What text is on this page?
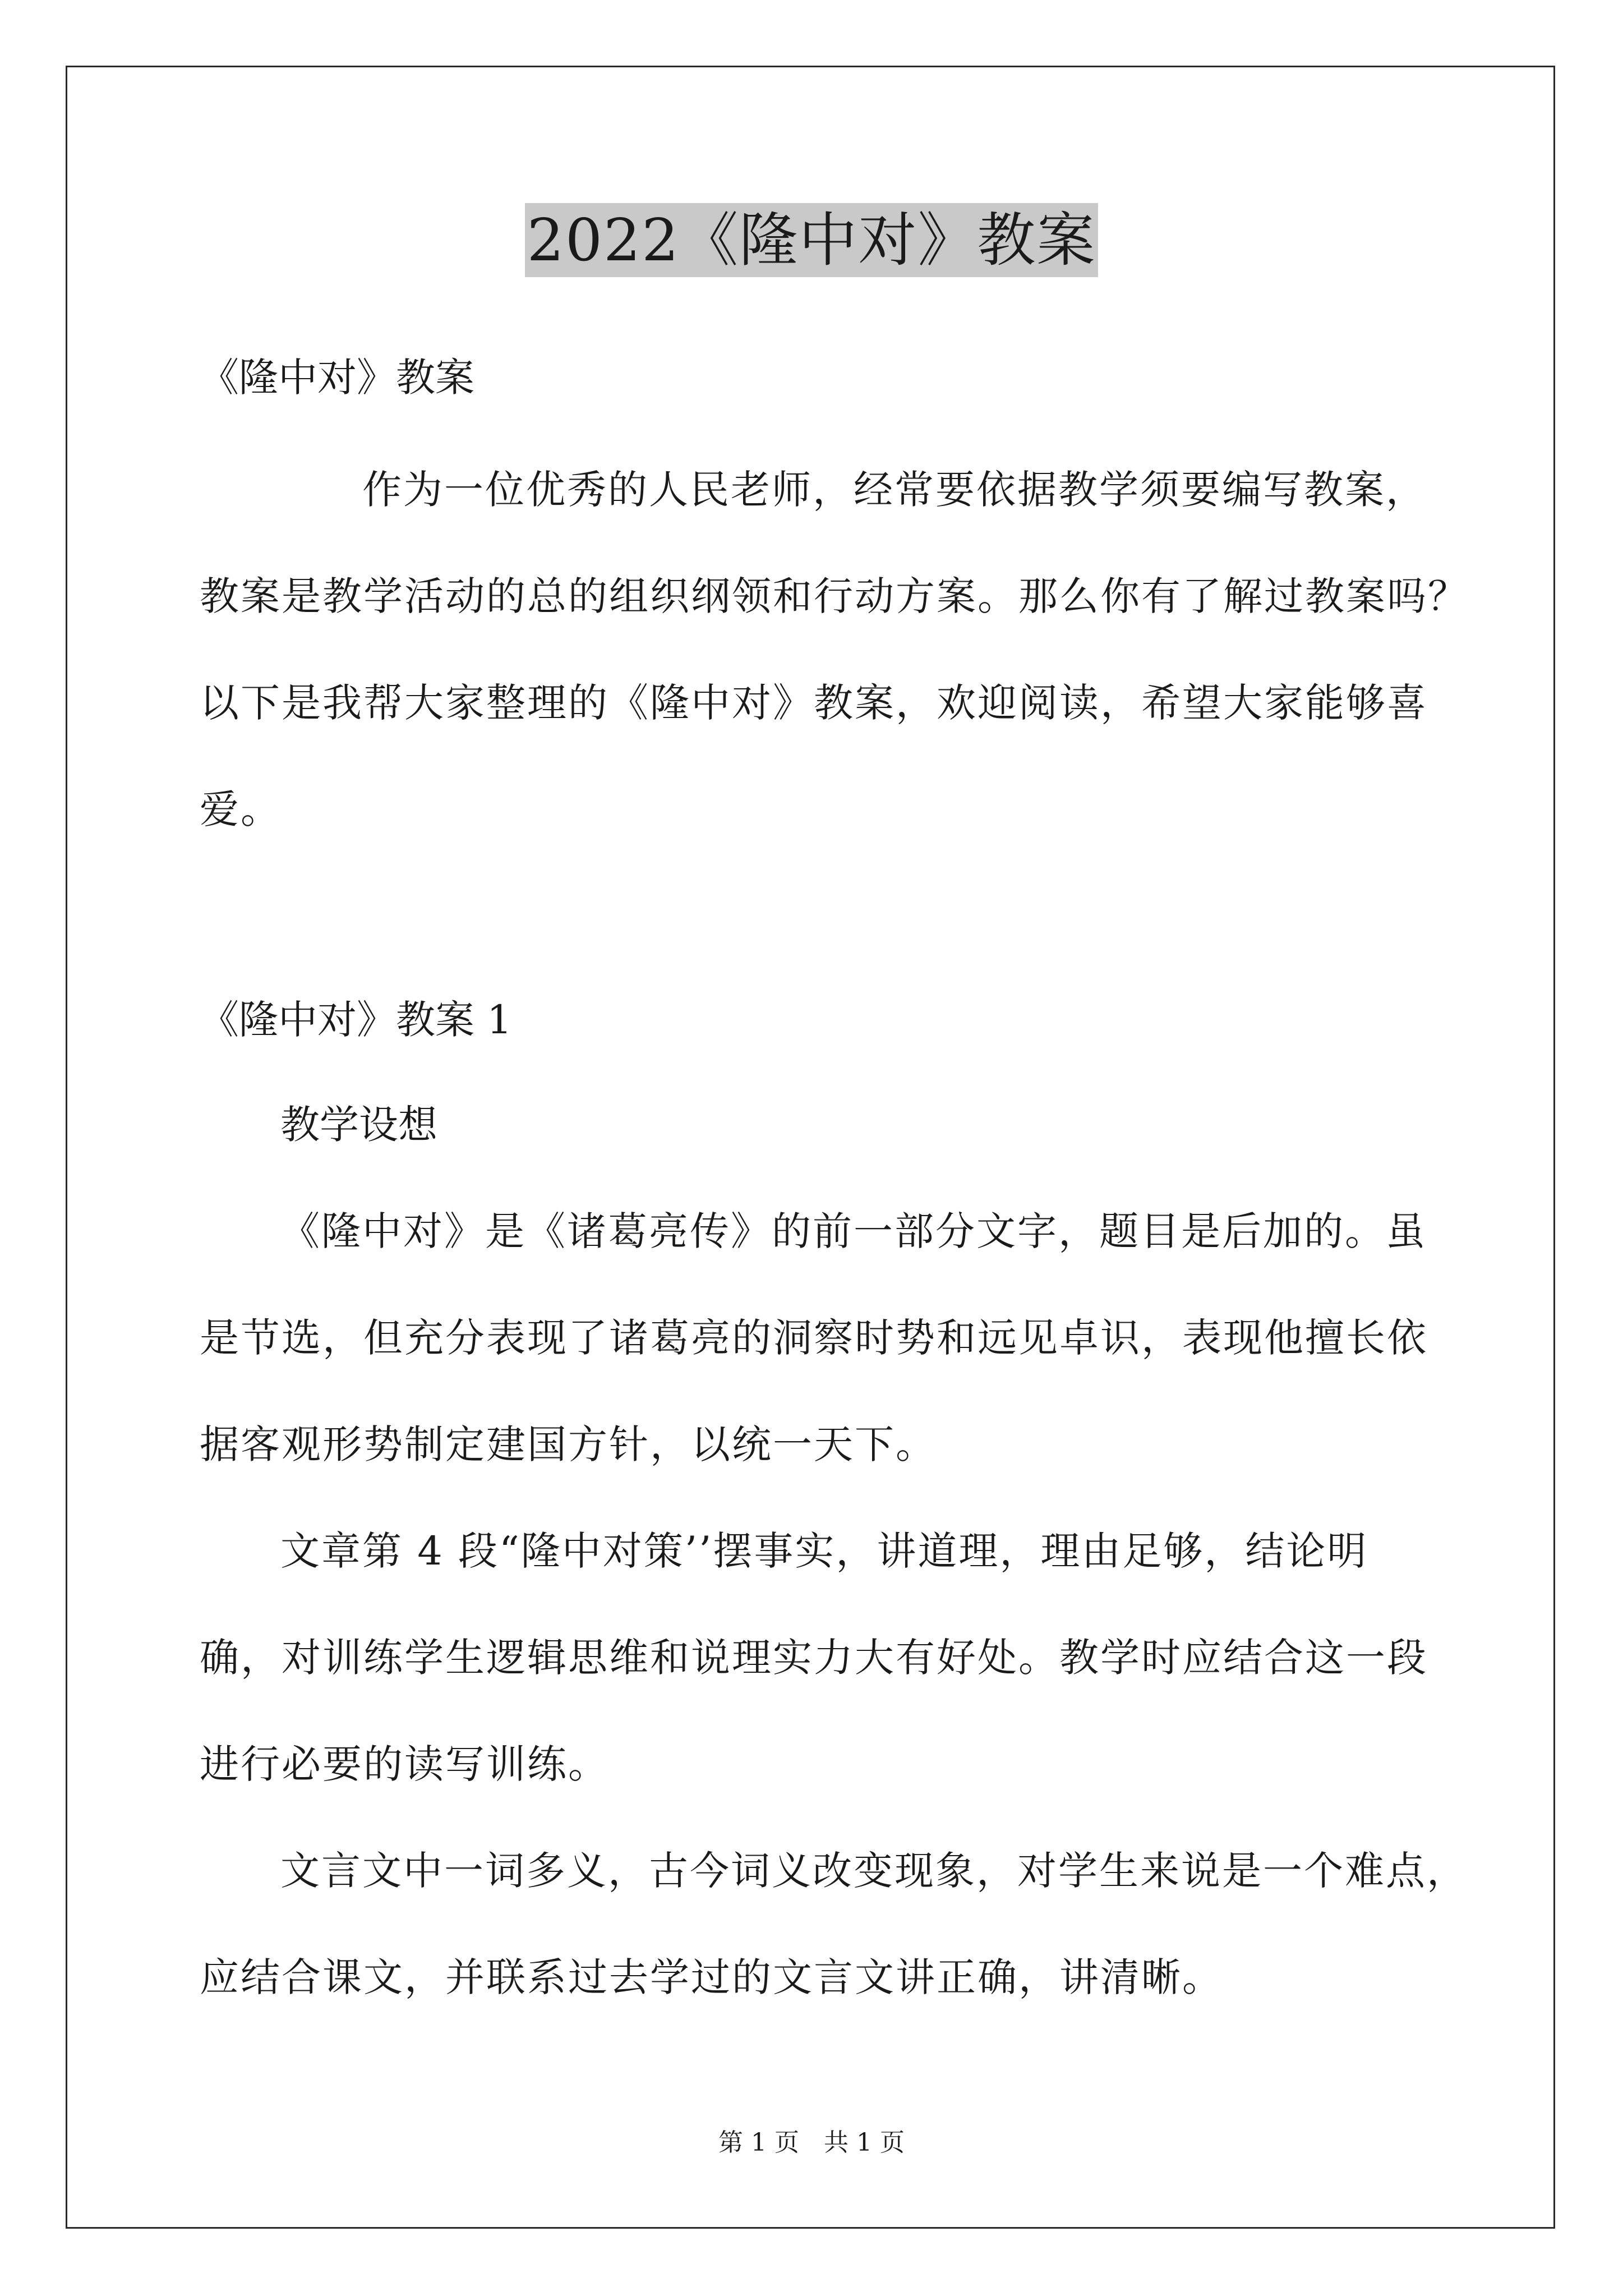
2022《隆中对》教案
《隆中对》教案
作为一位优秀的人民老师，经常要依据教学须要编写教案，
教案是教学活动的总的组织纲领和行动方案。那么你有了解过教案吗？
以下是我帮大家整理的《隆中对》教案，欢迎阅读，希望大家能够喜
爱。
《隆中对》教案 1
教学设想
《隆中对》是《诸葛亮传》的前一部分文字，题目是后加的。虽
是节选，但充分表现了诸葛亮的洞察时势和远见卓识，表现他擅长依
据客观形势制定建国方针，以统一天下。
文章第 4 段“隆中对策’’摆事实，讲道理，理由足够，结论明
确，对训练学生逻辑思维和说理实力大有好处。教学时应结合这一段
进行必要的读写训练。
文言文中一词多义，古今词义改变现象，对学生来说是一个难点，
应结合课文，并联系过去学过的文言文讲正确，讲清晰。
第 1 页　共 1 页
